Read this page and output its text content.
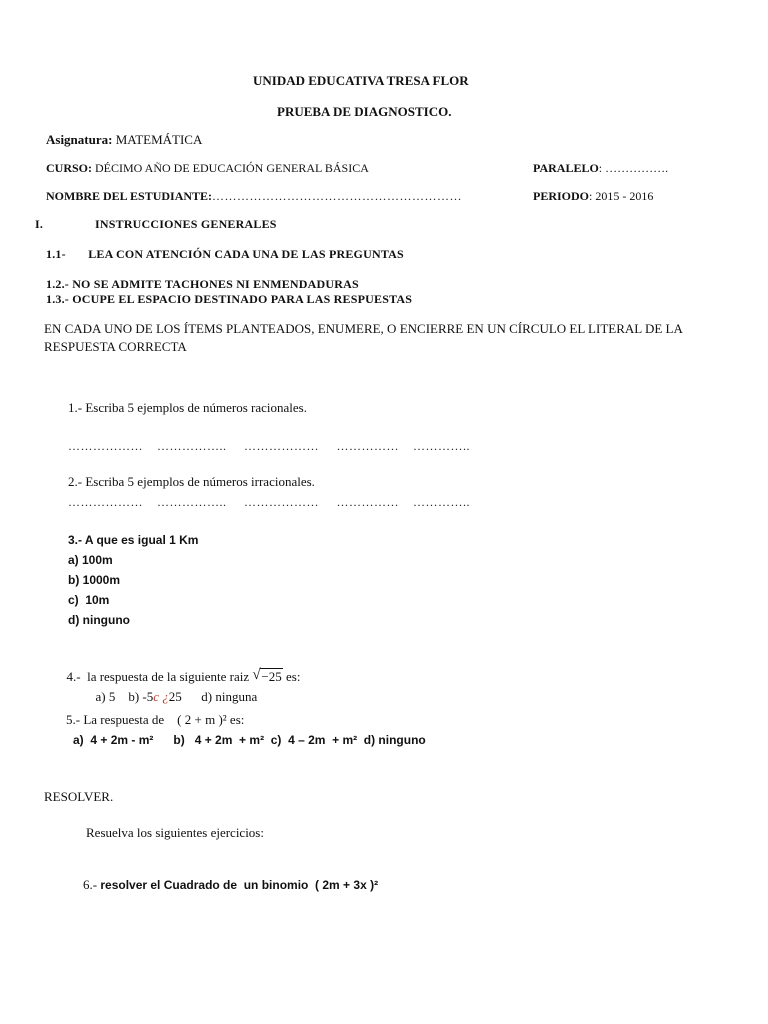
UNIDAD EDUCATIVA TRESA FLOR
PRUEBA DE DIAGNOSTICO.
Asignatura: MATEMÁTICA
CURSO: DÉCIMO AÑO DE EDUCACIÓN GENERAL BÁSICA	PARALELO: …………….
NOMBRE DEL ESTUDIANTE:……………………………………………………	PERIODO: 2015 - 2016
I.	INSTRUCCIONES GENERALES
1.1-       LEA CON ATENCIÓN CADA UNA DE LAS PREGUNTAS
1.2.- NO SE ADMITE TACHONES NI ENMENDADURAS
1.3.- OCUPE EL ESPACIO DESTINADO PARA LAS RESPUESTAS
EN CADA UNO DE LOS ÍTEMS PLANTEADOS, ENUMERE, O ENCIERRE EN UN CÍRCULO EL LITERAL DE LA
RESPUESTA CORRECTA
1.- Escriba 5 ejemplos de números racionales.
………………    ……………..     ………………     ……………    …………..
2.- Escriba 5 ejemplos de números irracionales.
………………    ……………..     ………………     ……………    …………..
3.- A que es igual 1 Km
a) 100m
b) 1000m
c)  10m
d) ninguno

4.-  la respuesta de la siguiente raiz √ −25 es:

a) 5    b) -5c ¿25      d) ninguna

5.- La respuesta de    ( 2 + m )² es:
a)  4 + 2m - m²      b)   4 + 2m  + m²  c)  4 – 2m  + m²  d) ninguno
RESOLVER.
Resuelva los siguientes ejercicios:

6.- resolver el Cuadrado de  un binomio  ( 2m + 3x )²
